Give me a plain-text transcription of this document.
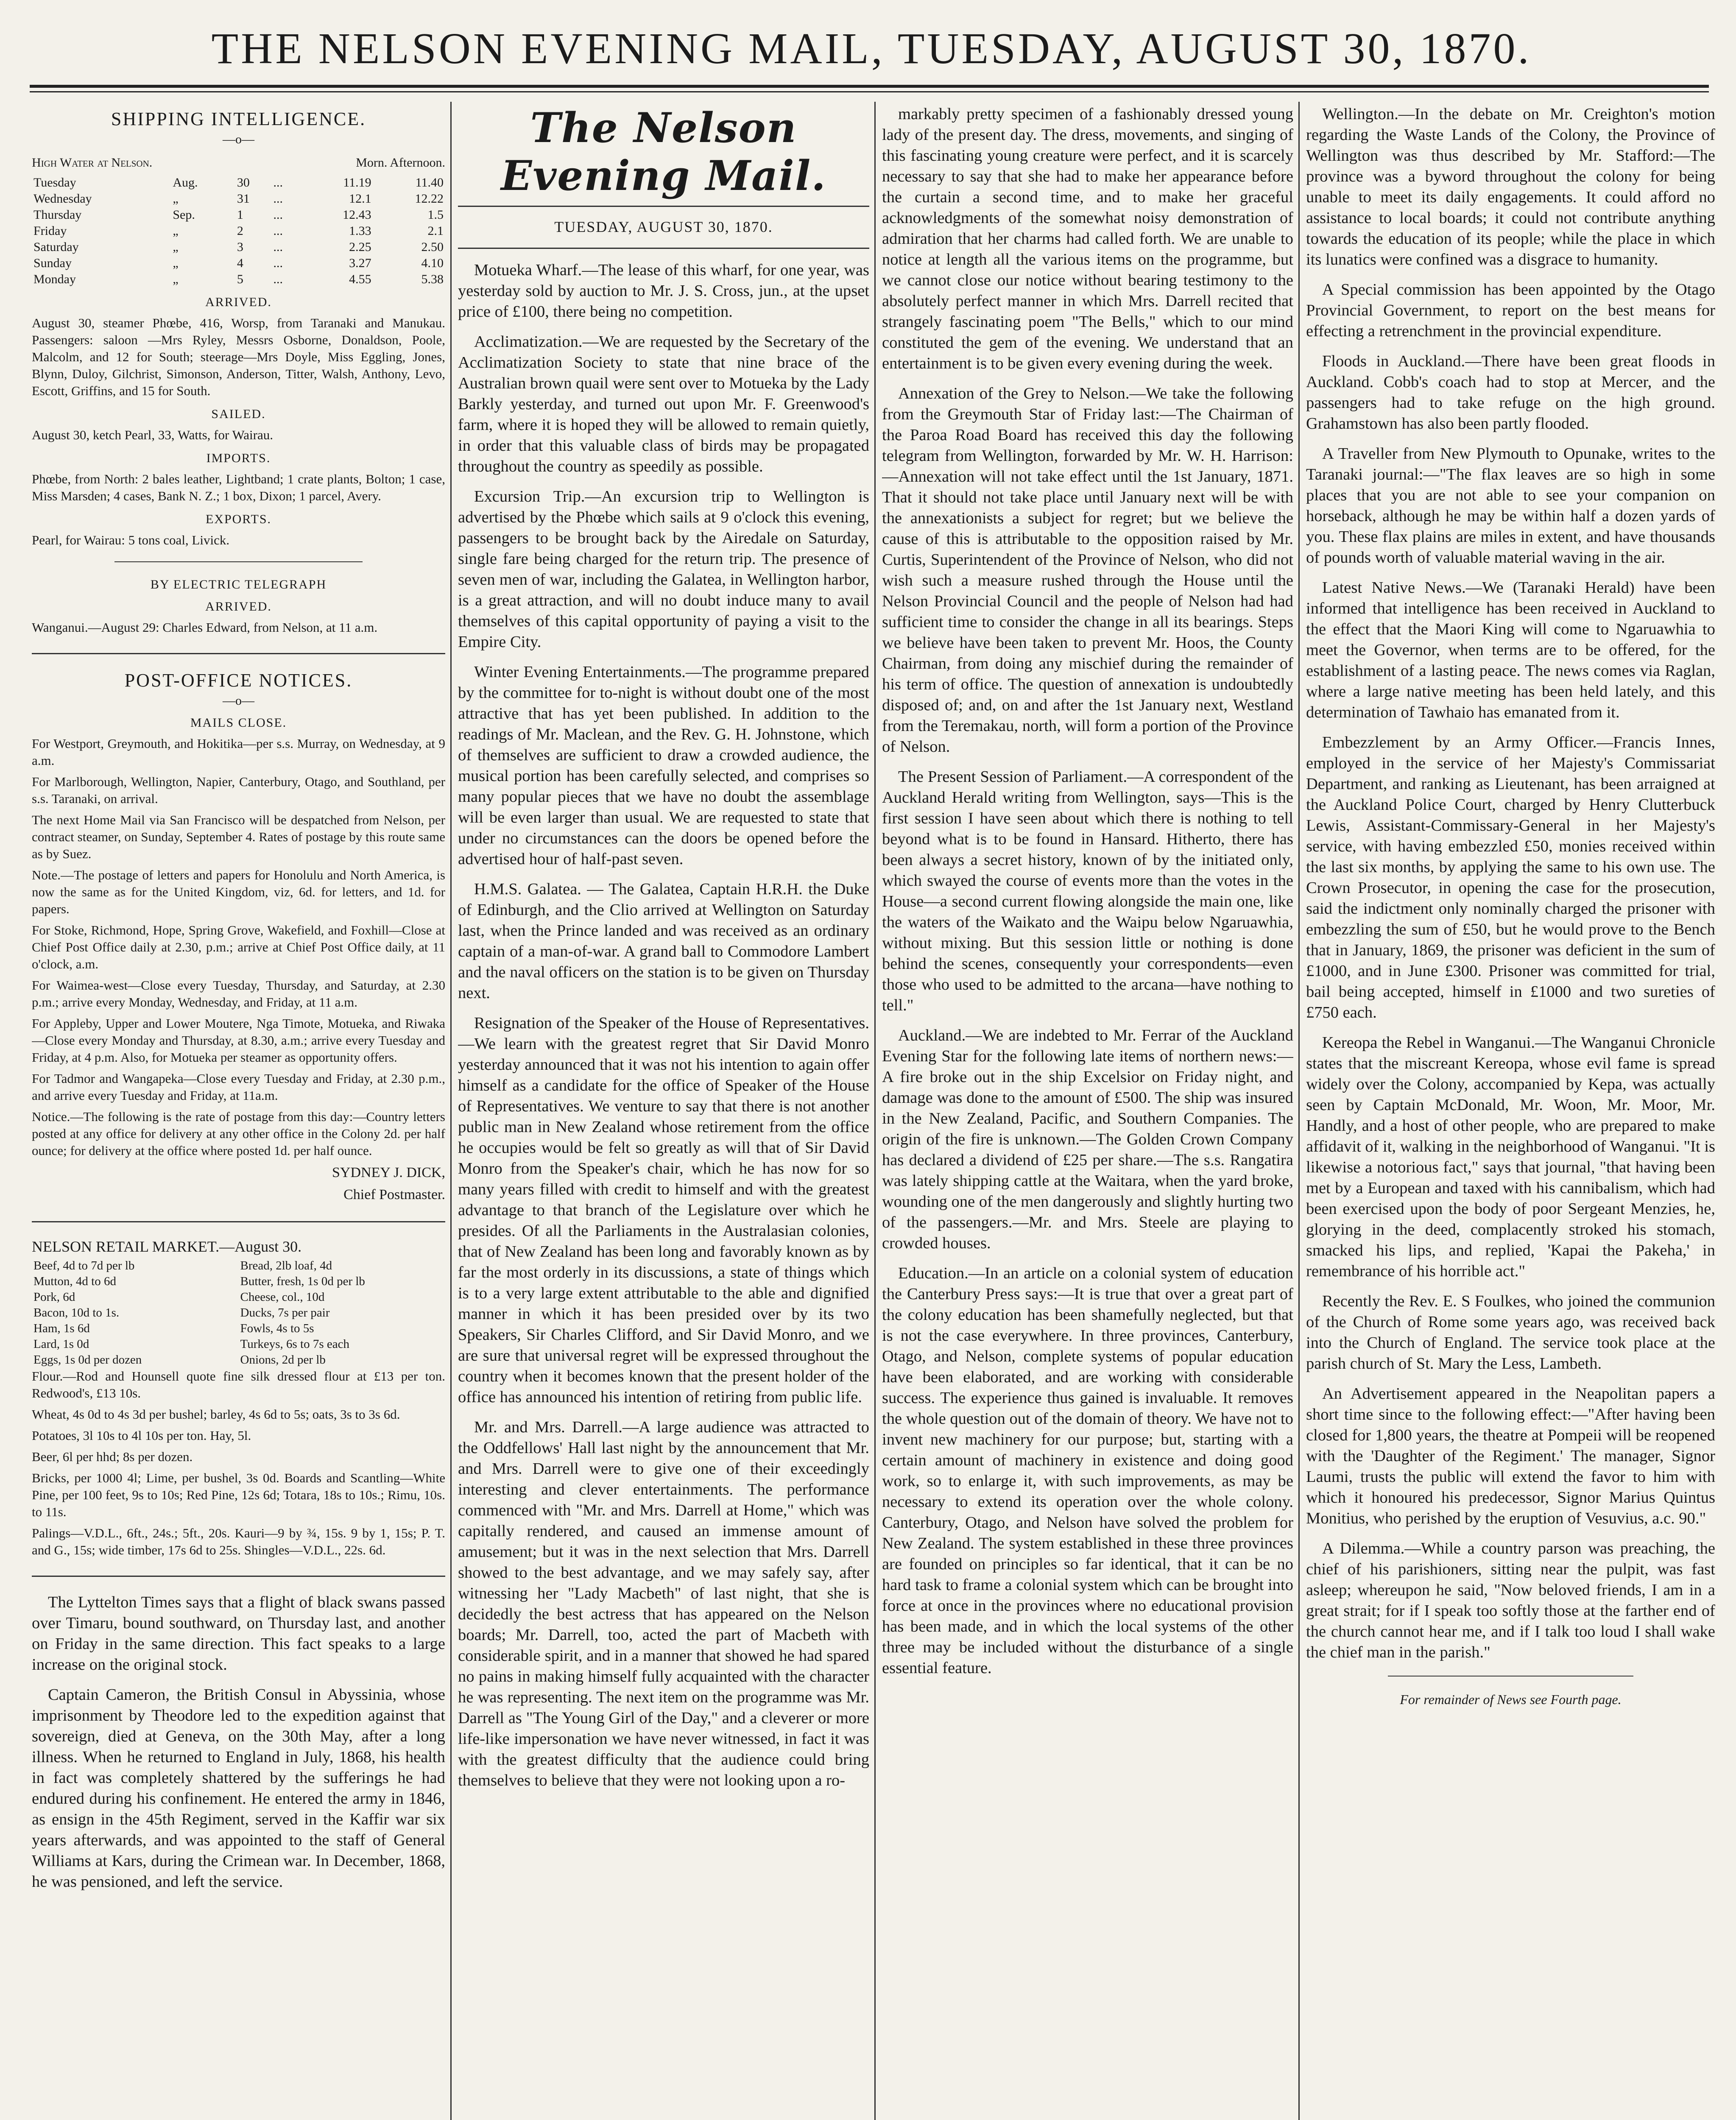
THE NELSON EVENING MAIL, TUESDAY, AUGUST 30, 1870.
SHIPPING INTELLIGENCE.
—o—
High Water at Nelson.	Morn. Afternoon.
Tuesday	Aug.	30	...	11.19	11.40
Wednesday	„	31	...	12.1	12.22
Thursday	Sep.	1	...	12.43	1.5
Friday	„	2	...	1.33	2.1
Saturday	„	3	...	2.25	2.50
Sunday	„	4	...	3.27	4.10
Monday	„	5	...	4.55	5.38
ARRIVED.

August 30, steamer Phœbe, 416, Worsp, from Taranaki and Manukau. Passengers: saloon —Mrs Ryley, Messrs Osborne, Donaldson, Poole, Malcolm, and 12 for South; steerage—Mrs Doyle, Miss Eggling, Jones, Blynn, Duloy, Gilchrist, Simonson, Anderson, Titter, Walsh, Anthony, Levo, Escott, Griffins, and 15 for South.

SAILED.

August 30, ketch Pearl, 33, Watts, for Wairau.

IMPORTS.

Phœbe, from North: 2 bales leather, Lightband; 1 crate plants, Bolton; 1 case, Miss Marsden; 4 cases, Bank N. Z.; 1 box, Dixon; 1 parcel, Avery.

EXPORTS.

Pearl, for Wairau: 5 tons coal, Livick.

BY ELECTRIC TELEGRAPH
ARRIVED.

Wanganui.—August 29: Charles Edward, from Nelson, at 11 a.m.

POST-OFFICE NOTICES.
—o—
MAILS CLOSE.

For Westport, Greymouth, and Hokitika—per s.s. Murray, on Wednesday, at 9 a.m.

For Marlborough, Wellington, Napier, Canterbury, Otago, and Southland, per s.s. Taranaki, on arrival.

The next Home Mail via San Francisco will be despatched from Nelson, per contract steamer, on Sunday, September 4. Rates of postage by this route same as by Suez.

Note.—The postage of letters and papers for Honolulu and North America, is now the same as for the United Kingdom, viz, 6d. for letters, and 1d. for papers.

For Stoke, Richmond, Hope, Spring Grove, Wakefield, and Foxhill—Close at Chief Post Office daily at 2.30, p.m.; arrive at Chief Post Office daily, at 11 o'clock, a.m.

For Waimea-west—Close every Tuesday, Thursday, and Saturday, at 2.30 p.m.; arrive every Monday, Wednesday, and Friday, at 11 a.m.

For Appleby, Upper and Lower Moutere, Nga Timote, Motueka, and Riwaka—Close every Monday and Thursday, at 8.30, a.m.; arrive every Tuesday and Friday, at 4 p.m. Also, for Motueka per steamer as opportunity offers.

For Tadmor and Wangapeka—Close every Tuesday and Friday, at 2.30 p.m., and arrive every Tuesday and Friday, at 11a.m.

Notice.—The following is the rate of postage from this day:—Country letters posted at any office for delivery at any other office in the Colony 2d. per half ounce; for delivery at the office where posted 1d. per half ounce.

SYDNEY J. DICK,
Chief Postmaster.
NELSON RETAIL MARKET.—August 30.
Beef, 4d to 7d per lb	Bread, 2lb loaf, 4d
Mutton, 4d to 6d	Butter, fresh, 1s 0d per lb
Pork, 6d	Cheese, col., 10d
Bacon, 10d to 1s.	Ducks, 7s per pair
Ham, 1s 6d	Fowls, 4s to 5s
Lard, 1s 0d	Turkeys, 6s to 7s each
Eggs, 1s 0d per dozen	Onions, 2d per lb

Flour.—Rod and Hounsell quote fine silk dressed flour at £13 per ton. Redwood's, £13 10s.

Wheat, 4s 0d to 4s 3d per bushel; barley, 4s 6d to 5s; oats, 3s to 3s 6d.

Potatoes, 3l 10s to 4l 10s per ton. Hay, 5l.

Beer, 6l per hhd; 8s per dozen.

Bricks, per 1000 4l; Lime, per bushel, 3s 0d. Boards and Scantling—White Pine, per 100 feet, 9s to 10s; Red Pine, 12s 6d; Totara, 18s to 10s.; Rimu, 10s. to 11s.

Palings—V.D.L., 6ft., 24s.; 5ft., 20s. Kauri—9 by ¾, 15s. 9 by 1, 15s; P. T. and G., 15s; wide timber, 17s 6d to 25s. Shingles—V.D.L., 22s. 6d.

The Lyttelton Times says that a flight of black swans passed over Timaru, bound southward, on Thursday last, and another on Friday in the same direction. This fact speaks to a large increase on the original stock.

Captain Cameron, the British Consul in Abyssinia, whose imprisonment by Theodore led to the expedition against that sovereign, died at Geneva, on the 30th May, after a long illness. When he returned to England in July, 1868, his health in fact was completely shattered by the sufferings he had endured during his confinement. He entered the army in 1846, as ensign in the 45th Regiment, served in the Kaffir war six years afterwards, and was appointed to the staff of General Williams at Kars, during the Crimean war. In December, 1868, he was pensioned, and left the service.

The Nelson Evening Mail.
TUESDAY, AUGUST 30, 1870.

Motueka Wharf.—The lease of this wharf, for one year, was yesterday sold by auction to Mr. J. S. Cross, jun., at the upset price of £100, there being no competition.

Acclimatization.—We are requested by the Secretary of the Acclimatization Society to state that nine brace of the Australian brown quail were sent over to Motueka by the Lady Barkly yesterday, and turned out upon Mr. F. Greenwood's farm, where it is hoped they will be allowed to remain quietly, in order that this valuable class of birds may be propagated throughout the country as speedily as possible.

Excursion Trip.—An excursion trip to Wellington is advertised by the Phœbe which sails at 9 o'clock this evening, passengers to be brought back by the Airedale on Saturday, single fare being charged for the return trip. The presence of seven men of war, including the Galatea, in Wellington harbor, is a great attraction, and will no doubt induce many to avail themselves of this capital opportunity of paying a visit to the Empire City.

Winter Evening Entertainments.—The programme prepared by the committee for to-night is without doubt one of the most attractive that has yet been published. In addition to the readings of Mr. Maclean, and the Rev. G. H. Johnstone, which of themselves are sufficient to draw a crowded audience, the musical portion has been carefully selected, and comprises so many popular pieces that we have no doubt the assemblage will be even larger than usual. We are requested to state that under no circumstances can the doors be opened before the advertised hour of half-past seven.

H.M.S. Galatea. — The Galatea, Captain H.R.H. the Duke of Edinburgh, and the Clio arrived at Wellington on Saturday last, when the Prince landed and was received as an ordinary captain of a man-of-war. A grand ball to Commodore Lambert and the naval officers on the station is to be given on Thursday next.

Resignation of the Speaker of the House of Representatives.—We learn with the greatest regret that Sir David Monro yesterday announced that it was not his intention to again offer himself as a candidate for the office of Speaker of the House of Representatives. We venture to say that there is not another public man in New Zealand whose retirement from the office he occupies would be felt so greatly as will that of Sir David Monro from the Speaker's chair, which he has now for so many years filled with credit to himself and with the greatest advantage to that branch of the Legislature over which he presides. Of all the Parliaments in the Australasian colonies, that of New Zealand has been long and favorably known as by far the most orderly in its discussions, a state of things which is to a very large extent attributable to the able and dignified manner in which it has been presided over by its two Speakers, Sir Charles Clifford, and Sir David Monro, and we are sure that universal regret will be expressed throughout the country when it becomes known that the present holder of the office has announced his intention of retiring from public life.

Mr. and Mrs. Darrell.—A large audience was attracted to the Oddfellows' Hall last night by the announcement that Mr. and Mrs. Darrell were to give one of their exceedingly interesting and clever entertainments. The performance commenced with "Mr. and Mrs. Darrell at Home," which was capitally rendered, and caused an immense amount of amusement; but it was in the next selection that Mrs. Darrell showed to the best advantage, and we may safely say, after witnessing her "Lady Macbeth" of last night, that she is decidedly the best actress that has appeared on the Nelson boards; Mr. Darrell, too, acted the part of Macbeth with considerable spirit, and in a manner that showed he had spared no pains in making himself fully acquainted with the character he was representing. The next item on the programme was Mr. Darrell as "The Young Girl of the Day," and a cleverer or more life-like impersonation we have never witnessed, in fact it was with the greatest difficulty that the audience could bring themselves to believe that they were not looking upon a ro-

markably pretty specimen of a fashionably dressed young lady of the present day. The dress, movements, and singing of this fascinating young creature were perfect, and it is scarcely necessary to say that she had to make her appearance before the curtain a second time, and to make her graceful acknowledgments of the somewhat noisy demonstration of admiration that her charms had called forth. We are unable to notice at length all the various items on the programme, but we cannot close our notice without bearing testimony to the absolutely perfect manner in which Mrs. Darrell recited that strangely fascinating poem "The Bells," which to our mind constituted the gem of the evening. We understand that an entertainment is to be given every evening during the week.

Annexation of the Grey to Nelson.—We take the following from the Greymouth Star of Friday last:—The Chairman of the Paroa Road Board has received this day the following telegram from Wellington, forwarded by Mr. W. H. Harrison:—Annexation will not take effect until the 1st January, 1871. That it should not take place until January next will be with the annexationists a subject for regret; but we believe the cause of this is attributable to the opposition raised by Mr. Curtis, Superintendent of the Province of Nelson, who did not wish such a measure rushed through the House until the Nelson Provincial Council and the people of Nelson had had sufficient time to consider the change in all its bearings. Steps we believe have been taken to prevent Mr. Hoos, the County Chairman, from doing any mischief during the remainder of his term of office. The question of annexation is undoubtedly disposed of; and, on and after the 1st January next, Westland from the Teremakau, north, will form a portion of the Province of Nelson.

The Present Session of Parliament.—A correspondent of the Auckland Herald writing from Wellington, says—This is the first session I have seen about which there is nothing to tell beyond what is to be found in Hansard. Hitherto, there has been always a secret history, known of by the initiated only, which swayed the course of events more than the votes in the House—a second current flowing alongside the main one, like the waters of the Waikato and the Waipu below Ngaruawhia, without mixing. But this session little or nothing is done behind the scenes, consequently your correspondents—even those who used to be admitted to the arcana—have nothing to tell."

Auckland.—We are indebted to Mr. Ferrar of the Auckland Evening Star for the following late items of northern news:—A fire broke out in the ship Excelsior on Friday night, and damage was done to the amount of £500. The ship was insured in the New Zealand, Pacific, and Southern Companies. The origin of the fire is unknown.—The Golden Crown Company has declared a dividend of £25 per share.—The s.s. Rangatira was lately shipping cattle at the Waitara, when the yard broke, wounding one of the men dangerously and slightly hurting two of the passengers.—Mr. and Mrs. Steele are playing to crowded houses.

Education.—In an article on a colonial system of education the Canterbury Press says:—It is true that over a great part of the colony education has been shamefully neglected, but that is not the case everywhere. In three provinces, Canterbury, Otago, and Nelson, complete systems of popular education have been elaborated, and are working with considerable success. The experience thus gained is invaluable. It removes the whole question out of the domain of theory. We have not to invent new machinery for our purpose; but, starting with a certain amount of machinery in existence and doing good work, so to enlarge it, with such improvements, as may be necessary to extend its operation over the whole colony. Canterbury, Otago, and Nelson have solved the problem for New Zealand. The system established in these three provinces are founded on principles so far identical, that it can be no hard task to frame a colonial system which can be brought into force at once in the provinces where no educational provision has been made, and in which the local systems of the other three may be included without the disturbance of a single essential feature.

Wellington.—In the debate on Mr. Creighton's motion regarding the Waste Lands of the Colony, the Province of Wellington was thus described by Mr. Stafford:—The province was a byword throughout the colony for being unable to meet its daily engagements. It could afford no assistance to local boards; it could not contribute anything towards the education of its people; while the place in which its lunatics were confined was a disgrace to humanity.

A Special commission has been appointed by the Otago Provincial Government, to report on the best means for effecting a retrenchment in the provincial expenditure.

Floods in Auckland.—There have been great floods in Auckland. Cobb's coach had to stop at Mercer, and the passengers had to take refuge on the high ground. Grahamstown has also been partly flooded.

A Traveller from New Plymouth to Opunake, writes to the Taranaki journal:—"The flax leaves are so high in some places that you are not able to see your companion on horseback, although he may be within half a dozen yards of you. These flax plains are miles in extent, and have thousands of pounds worth of valuable material waving in the air.

Latest Native News.—We (Taranaki Herald) have been informed that intelligence has been received in Auckland to the effect that the Maori King will come to Ngaruawhia to meet the Governor, when terms are to be offered, for the establishment of a lasting peace. The news comes via Raglan, where a large native meeting has been held lately, and this determination of Tawhaio has emanated from it.

Embezzlement by an Army Officer.—Francis Innes, employed in the service of her Majesty's Commissariat Department, and ranking as Lieutenant, has been arraigned at the Auckland Police Court, charged by Henry Clutterbuck Lewis, Assistant-Commissary-General in her Majesty's service, with having embezzled £50, monies received within the last six months, by applying the same to his own use. The Crown Prosecutor, in opening the case for the prosecution, said the indictment only nominally charged the prisoner with embezzling the sum of £50, but he would prove to the Bench that in January, 1869, the prisoner was deficient in the sum of £1000, and in June £300. Prisoner was committed for trial, bail being accepted, himself in £1000 and two sureties of £750 each.

Kereopa the Rebel in Wanganui.—The Wanganui Chronicle states that the miscreant Kereopa, whose evil fame is spread widely over the Colony, accompanied by Kepa, was actually seen by Captain McDonald, Mr. Woon, Mr. Moor, Mr. Handly, and a host of other people, who are prepared to make affidavit of it, walking in the neighborhood of Wanganui. "It is likewise a notorious fact," says that journal, "that having been met by a European and taxed with his cannibalism, which had been exercised upon the body of poor Sergeant Menzies, he, glorying in the deed, complacently stroked his stomach, smacked his lips, and replied, 'Kapai the Pakeha,' in remembrance of his horrible act."

Recently the Rev. E. S Foulkes, who joined the communion of the Church of Rome some years ago, was received back into the Church of England. The service took place at the parish church of St. Mary the Less, Lambeth.

An Advertisement appeared in the Neapolitan papers a short time since to the following effect:—"After having been closed for 1,800 years, the theatre at Pompeii will be reopened with the 'Daughter of the Regiment.' The manager, Signor Laumi, trusts the public will extend the favor to him with which it honoured his predecessor, Signor Marius Quintus Monitius, who perished by the eruption of Vesuvius, a.c. 90."

A Dilemma.—While a country parson was preaching, the chief of his parishioners, sitting near the pulpit, was fast asleep; whereupon he said, "Now beloved friends, I am in a great strait; for if I speak too softly those at the farther end of the church cannot hear me, and if I talk too loud I shall wake the chief man in the parish."

For remainder of News see Fourth page.
